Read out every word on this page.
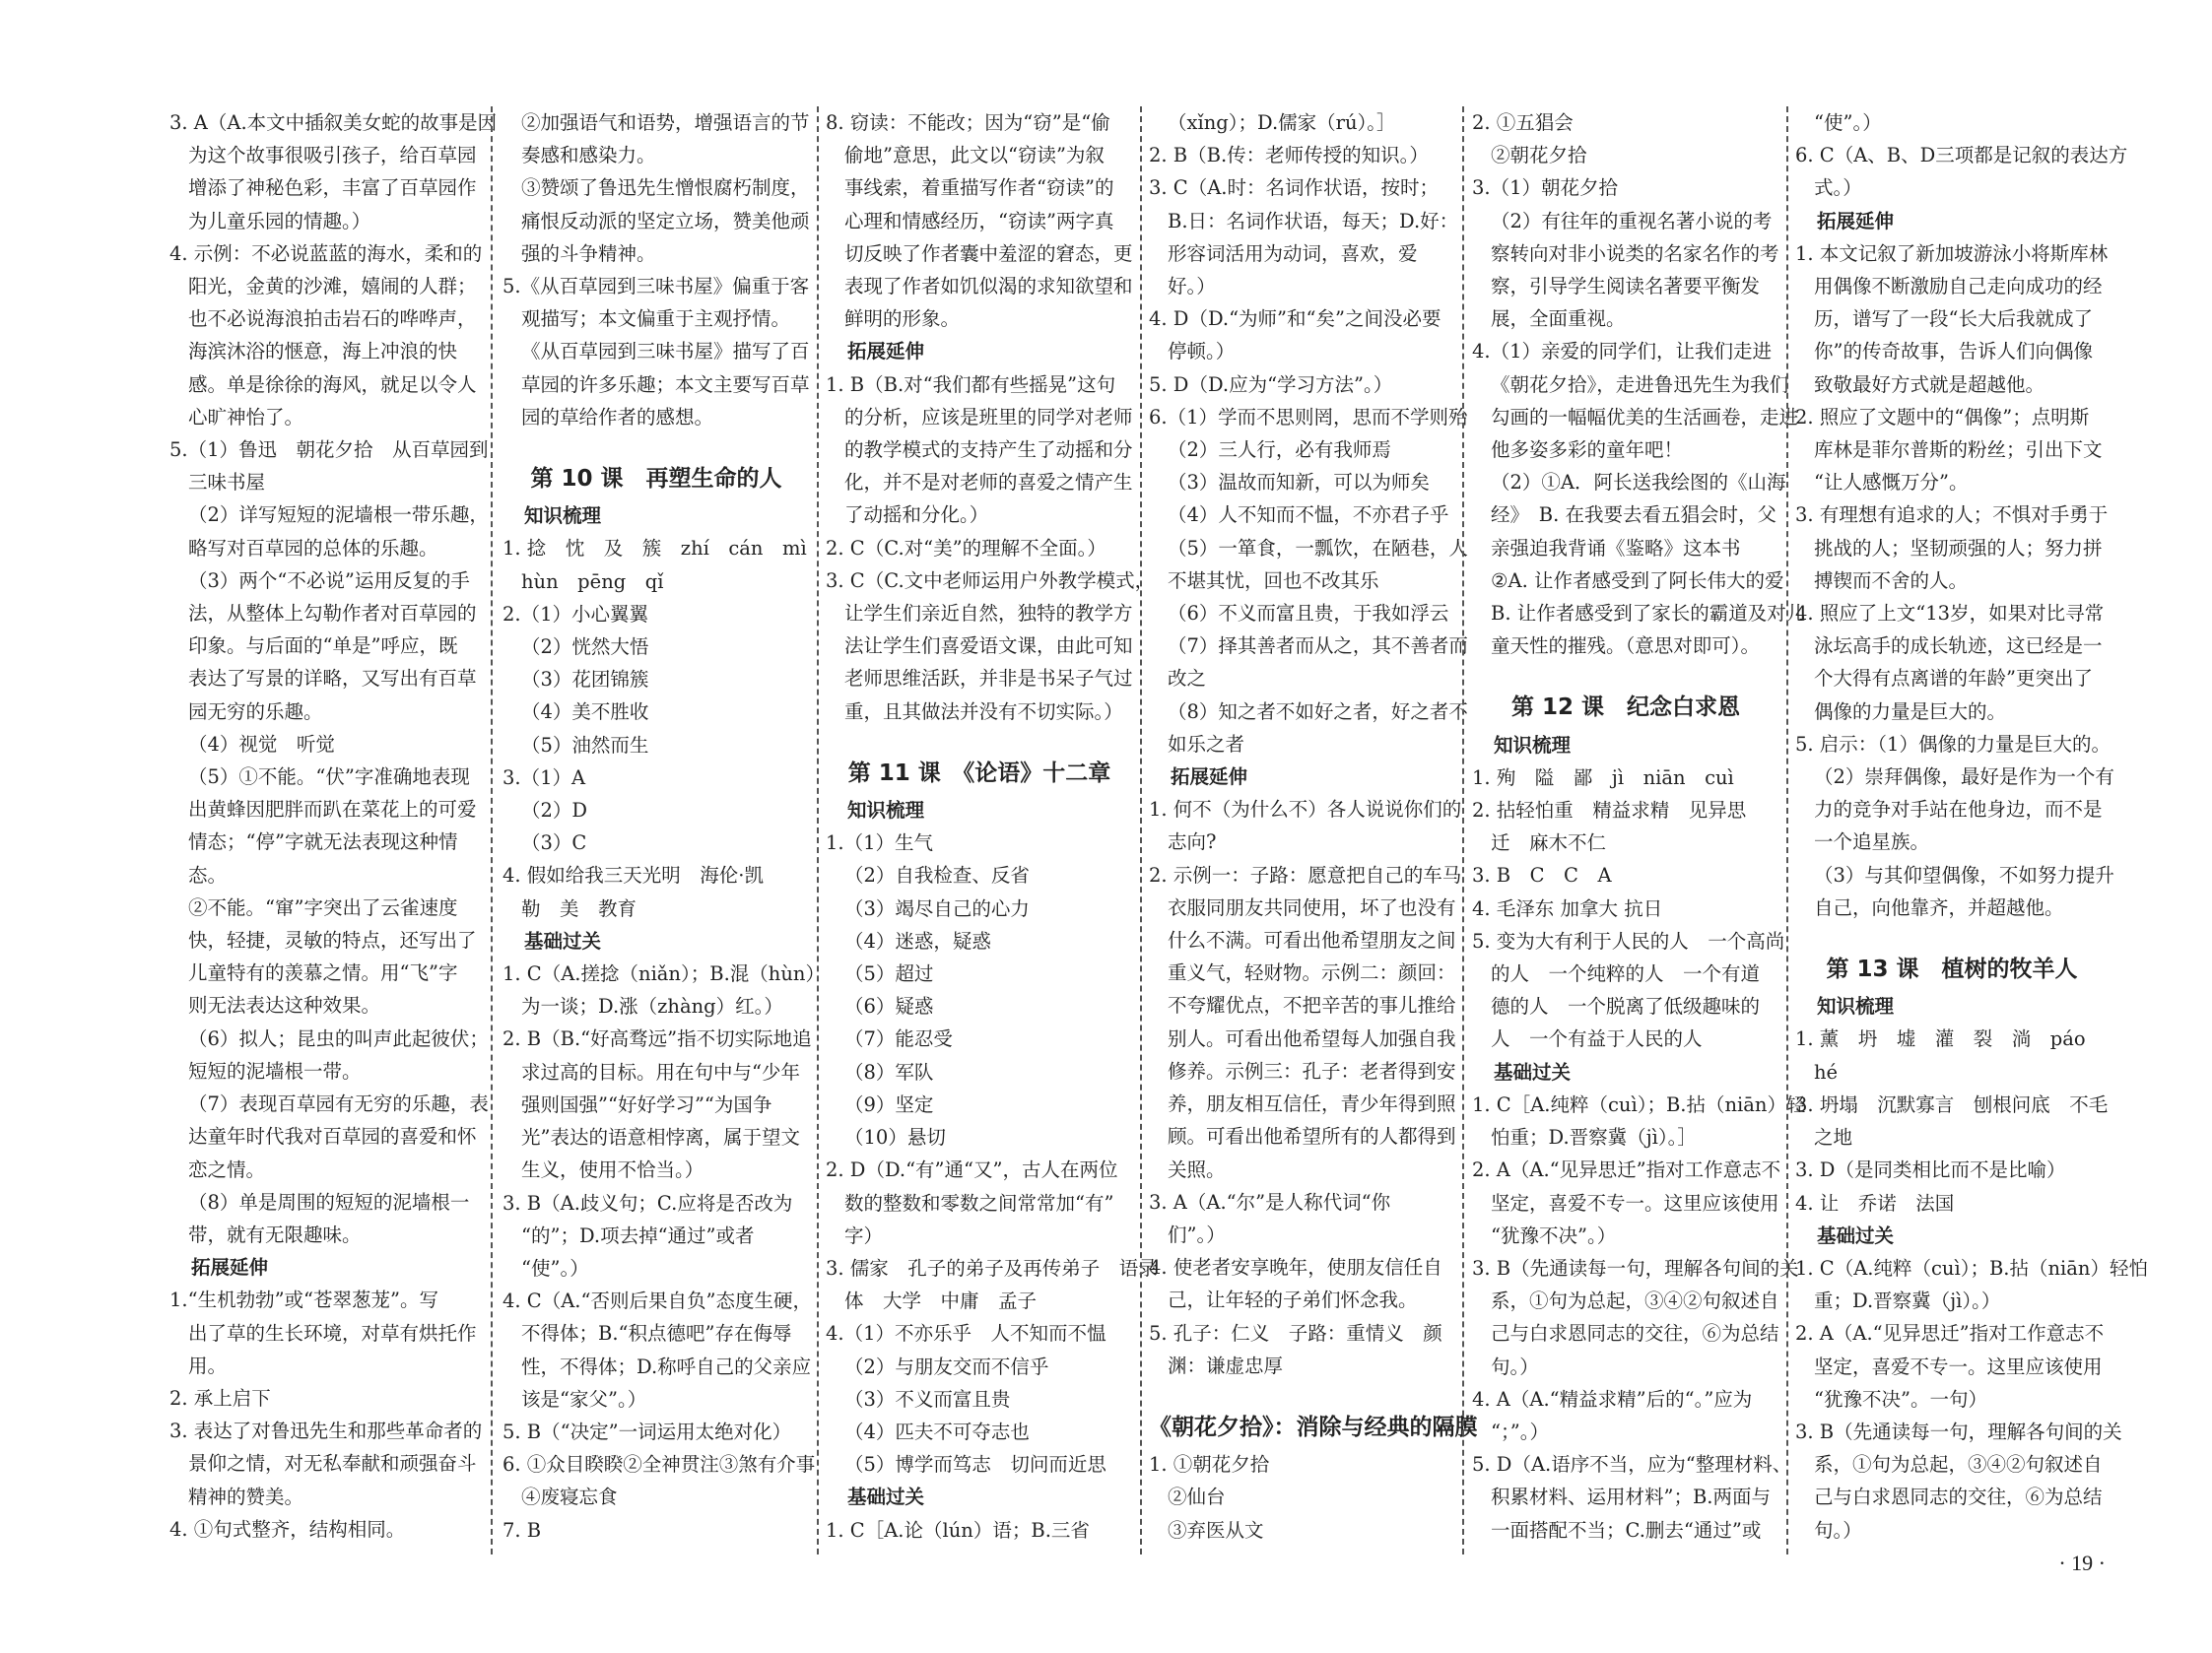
3. A（A.本文中插叙美女蛇的故事是因
为这个故事很吸引孩子，给百草园
增添了神秘色彩，丰富了百草园作
为儿童乐园的情趣。）
4. 示例：不必说蓝蓝的海水，柔和的
阳光，金黄的沙滩，嬉闹的人群；
也不必说海浪拍击岩石的哗哗声，
海滨沐浴的惬意，海上冲浪的快
感。单是徐徐的海风，就足以令人
心旷神怡了。
5.（1）鲁迅　朝花夕拾　从百草园到
三味书屋
（2）详写短短的泥墙根一带乐趣，
略写对百草园的总体的乐趣。
（3）两个“不必说”运用反复的手
法，从整体上勾勒作者对百草园的
印象。与后面的“单是”呼应，既
表达了写景的详略，又写出有百草
园无穷的乐趣。
（4）视觉　听觉
（5）①不能。“伏”字准确地表现
出黄蜂因肥胖而趴在菜花上的可爱
情态；“停”字就无法表现这种情
态。
②不能。“窜”字突出了云雀速度
快，轻捷，灵敏的特点，还写出了
儿童特有的羡慕之情。用“飞”字
则无法表达这种效果。
（6）拟人；昆虫的叫声此起彼伏；
短短的泥墙根一带。
（7）表现百草园有无穷的乐趣，表
达童年时代我对百草园的喜爱和怀
恋之情。
（8）单是周围的短短的泥墙根一
带，就有无限趣味。
拓展延伸
1.“生机勃勃”或“苍翠葱茏”。写
出了草的生长环境，对草有烘托作
用。
2. 承上启下
3. 表达了对鲁迅先生和那些革命者的
景仰之情，对无私奉献和顽强奋斗
精神的赞美。
4. ①句式整齐，结构相同。
②加强语气和语势，增强语言的节
奏感和感染力。
③赞颂了鲁迅先生憎恨腐朽制度，
痛恨反动派的坚定立场，赞美他顽
强的斗争精神。
5.《从百草园到三味书屋》偏重于客
观描写；本文偏重于主观抒情。
《从百草园到三味书屋》描写了百
草园的许多乐趣；本文主要写百草
园的草给作者的感想。
第 10 课　再塑生命的人
知识梳理
1. 捻　忱　及　簇　zhí　cán　mì
hùn　pēng　qǐ
2.（1）小心翼翼
（2）恍然大悟
（3）花团锦簇
（4）美不胜收
（5）油然而生
3.（1）A
（2）D
（3）C
4. 假如给我三天光明　海伦·凯
勒　美　教育
基础过关
1. C（A.搓捻（niǎn）；B.混（hùn）
为一谈；D.涨（zhàng）红。）
2. B（B.“好高骛远”指不切实际地追
求过高的目标。用在句中与“少年
强则国强”“好好学习”“为国争
光”表达的语意相悖离，属于望文
生义，使用不恰当。）
3. B（A.歧义句；C.应将是否改为
“的”；D.项去掉“通过”或者
“使”。）
4. C（A.“否则后果自负”态度生硬，
不得体；B.“积点德吧”存在侮辱
性，不得体；D.称呼自己的父亲应
该是“家父”。）
5. B（“决定”一词运用太绝对化）
6. ①众目睽睽②全神贯注③煞有介事
④废寝忘食
7. B
8. 窃读：不能改；因为“窃”是“偷
偷地”意思，此文以“窃读”为叙
事线索，着重描写作者“窃读”的
心理和情感经历，“窃读”两字真
切反映了作者囊中羞涩的窘态，更
表现了作者如饥似渴的求知欲望和
鲜明的形象。
拓展延伸
1. B（B.对“我们都有些摇晃”这句
的分析，应该是班里的同学对老师
的教学模式的支持产生了动摇和分
化，并不是对老师的喜爱之情产生
了动摇和分化。）
2. C（C.对“美”的理解不全面。）
3. C（C.文中老师运用户外教学模式，
让学生们亲近自然，独特的教学方
法让学生们喜爱语文课，由此可知
老师思维活跃，并非是书呆子气过
重，且其做法并没有不切实际。）
第 11 课　《论语》十二章
知识梳理
1.（1）生气
（2）自我检查、反省
（3）竭尽自己的心力
（4）迷惑，疑惑
（5）超过
（6）疑惑
（7）能忍受
（8）军队
（9）坚定
（10）悬切
2. D（D.“有”通“又”，古人在两位
数的整数和零数之间常常加“有”
字）
3. 儒家　孔子的弟子及再传弟子　语录
体　大学　中庸　孟子
4.（1）不亦乐乎　人不知而不愠
（2）与朋友交而不信乎
（3）不义而富且贵
（4）匹夫不可夺志也
（5）博学而笃志　切问而近思
基础过关
1. C［A.论（lún）语；B.三省
（xǐng）；D.儒家（rú）。］
2. B（B.传：老师传授的知识。）
3. C（A.时：名词作状语，按时；
B.日：名词作状语，每天；D.好：
形容词活用为动词，喜欢，爱
好。）
4. D（D.“为师”和“矣”之间没必要
停顿。）
5. D（D.应为“学习方法”。）
6.（1）学而不思则罔，思而不学则殆
（2）三人行，必有我师焉
（3）温故而知新，可以为师矣
（4）人不知而不愠，不亦君子乎
（5）一箪食，一瓢饮，在陋巷，人
不堪其忧，回也不改其乐
（6）不义而富且贵，于我如浮云
（7）择其善者而从之，其不善者而
改之
（8）知之者不如好之者，好之者不
如乐之者
拓展延伸
1. 何不（为什么不）各人说说你们的
志向?
2. 示例一：子路：愿意把自己的车马
衣服同朋友共同使用，坏了也没有
什么不满。可看出他希望朋友之间
重义气，轻财物。示例二：颜回：
不夸耀优点，不把辛苦的事儿推给
别人。可看出他希望每人加强自我
修养。示例三：孔子：老者得到安
养，朋友相互信任，青少年得到照
顾。可看出他希望所有的人都得到
关照。
3. A（A.“尔”是人称代词“你
们”。）
4. 使老者安享晚年，使朋友信任自
己，让年轻的子弟们怀念我。
5. 孔子：仁义　子路：重情义　颜
渊：谦虚忠厚
《朝花夕拾》：消除与经典的隔膜
1. ①朝花夕拾
②仙台
③弃医从文
2. ①五猖会
②朝花夕拾
3.（1）朝花夕拾
（2）有往年的重视名著小说的考
察转向对非小说类的名家名作的考
察，引导学生阅读名著要平衡发
展，全面重视。
4.（1）亲爱的同学们，让我们走进
《朝花夕拾》，走进鲁迅先生为我们
勾画的一幅幅优美的生活画卷，走进
他多姿多彩的童年吧！
（2）①A．阿长送我绘图的《山海
经》　B. 在我要去看五猖会时，父
亲强迫我背诵《鉴略》这本书
②A. 让作者感受到了阿长伟大的爱
B. 让作者感受到了家长的霸道及对儿
童天性的摧残。（意思对即可）。
第 12 课　纪念白求恩
知识梳理
1. 殉　隘　鄙　jì　niān　cuì
2. 拈轻怕重　精益求精　见异思
迁　麻木不仁
3. B　C　C　A
4. 毛泽东 加拿大 抗日
5. 变为大有利于人民的人　一个高尚
的人　一个纯粹的人　一个有道
德的人　一个脱离了低级趣味的
人　一个有益于人民的人
基础过关
1. C［A.纯粹（cuì）；B.拈（niān）轻
怕重；D.晋察冀（jì）。］
2. A（A.“见异思迁”指对工作意志不
坚定，喜爱不专一。这里应该使用
“犹豫不决”。）
3. B（先通读每一句，理解各句间的关
系，①句为总起，③④②句叙述自
己与白求恩同志的交往，⑥为总结
句。）
4. A（A.“精益求精”后的“。”应为
“；”。）
5. D（A.语序不当，应为“整理材料、
积累材料、运用材料”；B.两面与
一面搭配不当；C.删去“通过”或
“使”。）
6. C（A、B、D三项都是记叙的表达方
式。）
拓展延伸
1. 本文记叙了新加坡游泳小将斯库林
用偶像不断激励自己走向成功的经
历，谱写了一段“长大后我就成了
你”的传奇故事，告诉人们向偶像
致敬最好方式就是超越他。
2. 照应了文题中的“偶像”；点明斯
库林是菲尔普斯的粉丝；引出下文
“让人感慨万分”。
3. 有理想有追求的人；不惧对手勇于
挑战的人；坚韧顽强的人；努力拼
搏锲而不舍的人。
4. 照应了上文“13岁，如果对比寻常
泳坛高手的成长轨迹，这已经是一
个大得有点离谱的年龄”更突出了
偶像的力量是巨大的。
5. 启示：（1）偶像的力量是巨大的。
（2）崇拜偶像，最好是作为一个有
力的竞争对手站在他身边，而不是
一个追星族。
（3）与其仰望偶像，不如努力提升
自己，向他靠齐，并超越他。
第 13 课　植树的牧羊人
知识梳理
1. 薰　坍　墟　灌　裂　淌　páo
hé
3. 坍塌　沉默寡言　刨根问底　不毛
之地
3. D（是同类相比而不是比喻）
4. 让　乔诺　法国
基础过关
1. C（A.纯粹（cuì）；B.拈（niān）轻怕
重；D.晋察冀（jì）。）
2. A（A.“见异思迁”指对工作意志不
坚定，喜爱不专一。这里应该使用
“犹豫不决”。一句）
3. B（先通读每一句，理解各句间的关
系，①句为总起，③④②句叙述自
己与白求恩同志的交往，⑥为总结
句。）
· 19 ·
